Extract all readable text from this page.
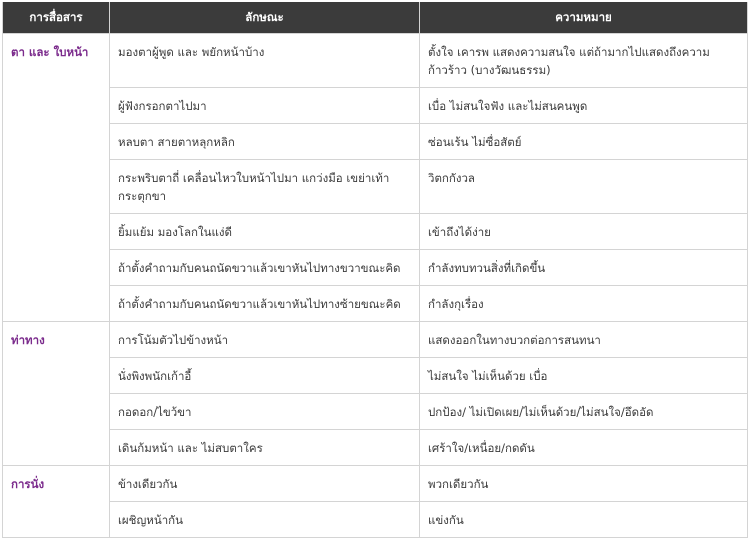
การสื่อสาร	ลักษณะ	ความหมาย
ตา และ ใบหน้า	มองตาผู้พูด และ พยักหน้าบ้าง	ตั้งใจ เคารพ แสดงความสนใจ แต่ถ้ามากไปแสดงถึงความก้าวร้าว (บางวัฒนธรรม)
	ผู้ฟังกรอกตาไปมา	เบื่อ ไม่สนใจฟัง และไม่สนคนพูด
	หลบตา สายตาหลุกหลิก	ซ่อนเร้น ไม่ซื่อสัตย์
	กระพริบตาถี่ เคลื่อนไหวใบหน้าไปมา แกว่งมือ เขย่าเท้า กระตุกขา	วิตกกังวล
	ยิ้มแย้ม มองโลกในแง่ดี	เข้าถึงได้ง่าย
	ถ้าตั้งคำถามกับคนถนัดขวาแล้วเขาหันไปทางขวาขณะคิด	กำลังทบทวนสิ่งที่เกิดขึ้น
	ถ้าตั้งคำถามกับคนถนัดขวาแล้วเขาหันไปทางซ้ายขณะคิด	กำลังกุเรื่อง
ท่าทาง	การโน้มตัวไปข้างหน้า	แสดงออกในทางบวกต่อการสนทนา
	นั่งพิงพนักเก้าอี้	ไม่สนใจ ไม่เห็นด้วย เบื่อ
	กอดอก/ไขว้ขา	ปกป้อง/ ไม่เปิดเผย/ไม่เห็นด้วย/ไม่สนใจ/อึดอัด
	เดินก้มหน้า และ ไม่สบตาใคร	เศร้าใจ/เหนื่อย/กดดัน
การนั่ง	ข้างเดียวกัน	พวกเดียวกัน
	เผชิญหน้ากัน	แข่งกัน
